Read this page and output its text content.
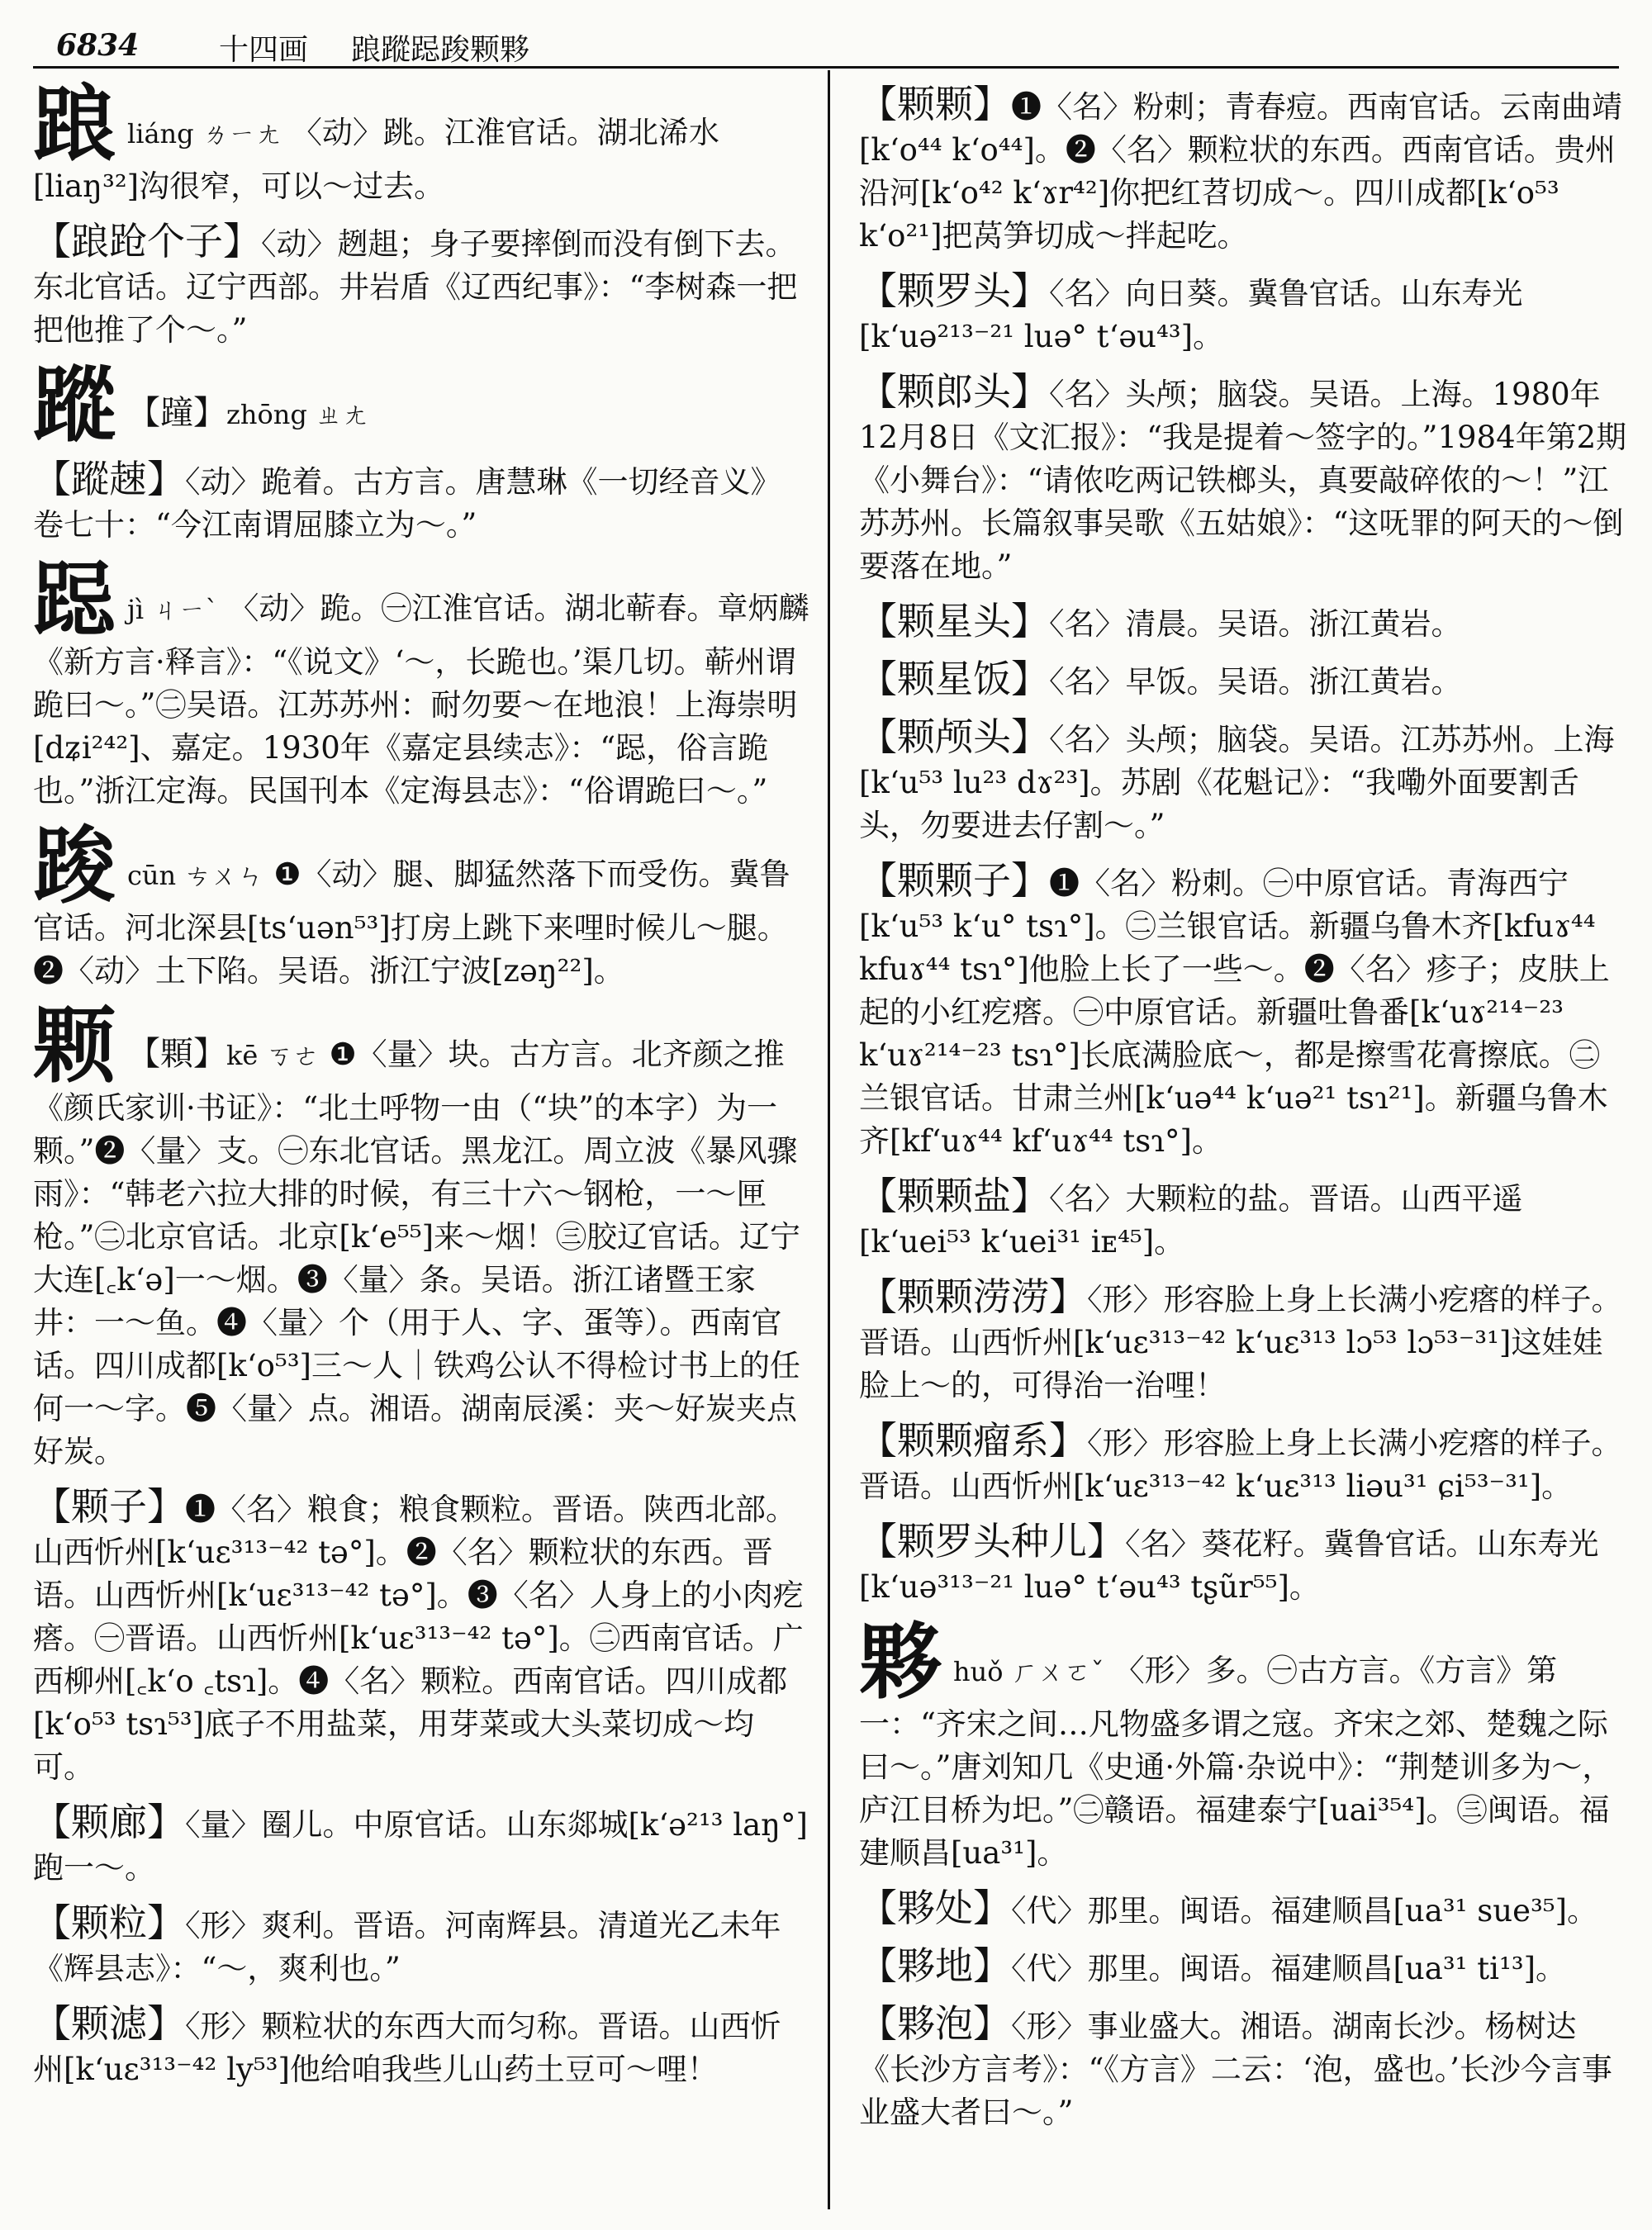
6834	十四画 踉蹤跽踆颗夥
踉liáng ㄌㄧㄤ 〈动〉跳。江淮官话。湖北浠水[liaŋ³²]沟很窄，可以～过去。
【踉跄个子】〈动〉趔趄；身子要摔倒而没有倒下去。东北官话。辽宁西部。井岩盾《辽西纪事》：“李树森一把把他推了个～。”
蹤 【蹱】zhōng ㄓㄤ
【蹤趚】〈动〉跪着。古方言。唐慧琳《一切经音义》卷七十：“今江南谓屈膝立为～。”
跽jì ㄐㄧˋ 〈动〉跪。㊀江淮官话。湖北蕲春。章炳麟《新方言·释言》：“《说文》‘～，长跪也。’渠几切。蕲州谓跪曰～。”㊁吴语。江苏苏州：耐勿要～在地浪！上海崇明[dʑi²⁴²]、嘉定。1930年《嘉定县续志》：“跽，俗言跪也。”浙江定海。民国刊本《定海县志》：“俗谓跪曰～。”
踆cūn ㄘㄨㄣ ❶〈动〉腿、脚猛然落下而受伤。冀鲁官话。河北深县[tsʻuən⁵³]打房上跳下来哩时候儿～腿。❷〈动〉土下陷。吴语。浙江宁波[zəŋ²²]。
颗 【顆】kē ㄎㄜ ❶〈量〉块。古方言。北齐颜之推《颜氏家训·书证》：“北土呼物一由（“块”的本字）为一颗。”❷〈量〉支。㊀东北官话。黑龙江。周立波《暴风骤雨》：“韩老六拉大排的时候，有三十六～钢枪，一～匣枪。”㊁北京官话。北京[kʻe⁵⁵]来～烟！㊂胶辽官话。辽宁大连[꜀kʻə]一～烟。❸〈量〉条。吴语。浙江诸暨王家井：一～鱼。❹〈量〉个（用于人、字、蛋等）。西南官话。四川成都[kʻo⁵³]三～人｜铁鸡公认不得检讨书上的任何一～字。❺〈量〉点。湘语。湖南辰溪：夹～好炭夹点好炭。
【颗子】❶〈名〉粮食；粮食颗粒。晋语。陕西北部。山西忻州[kʻuɛ³¹³⁻⁴² tə°]。❷〈名〉颗粒状的东西。晋语。山西忻州[kʻuɛ³¹³⁻⁴² tə°]。❸〈名〉人身上的小肉疙瘩。㊀晋语。山西忻州[kʻuɛ³¹³⁻⁴² tə°]。㊁西南官话。广西柳州[꜀kʻo ꜀tsɿ]。❹〈名〉颗粒。西南官话。四川成都[kʻo⁵³ tsɿ⁵³]底子不用盐菜，用芽菜或大头菜切成～均可。
【颗廊】〈量〉圈儿。中原官话。山东郯城[kʻə²¹³ laŋ°]跑一～。
【颗粒】〈形〉爽利。晋语。河南辉县。清道光乙未年《辉县志》：“～，爽利也。”
【颗滤】〈形〉颗粒状的东西大而匀称。晋语。山西忻州[kʻuɛ³¹³⁻⁴² ly⁵³]他给咱我些儿山药土豆可～哩！
【颗颗】❶〈名〉粉刺；青春痘。西南官话。云南曲靖[kʻo⁴⁴ kʻo⁴⁴]。❷〈名〉颗粒状的东西。西南官话。贵州沿河[kʻo⁴² kʻɤr⁴²]你把红苕切成～。四川成都[kʻo⁵³ kʻo²¹]把莴笋切成～拌起吃。
【颗罗头】〈名〉向日葵。冀鲁官话。山东寿光[kʻuə²¹³⁻²¹ luə° tʻəu⁴³]。
【颗郎头】〈名〉头颅；脑袋。吴语。上海。1980年12月8日《文汇报》：“我是提着～签字的。”1984年第2期《小舞台》：“请侬吃两记铁榔头，真要敲碎侬的～！”江苏苏州。长篇叙事吴歌《五姑娘》：“这呒罪的阿天的～倒要落在地。”
【颗星头】〈名〉清晨。吴语。浙江黄岩。
【颗星饭】〈名〉早饭。吴语。浙江黄岩。
【颗颅头】〈名〉头颅；脑袋。吴语。江苏苏州。上海[kʻu⁵³ lu²³ dɤ²³]。苏剧《花魁记》：“我嘞外面要割舌头，勿要进去仔割～。”
【颗颗子】❶〈名〉粉刺。㊀中原官话。青海西宁[kʻu⁵³ kʻu° tsɿ°]。㊁兰银官话。新疆乌鲁木齐[kfuɤ⁴⁴ kfuɤ⁴⁴ tsɿ°]他脸上长了一些～。❷〈名〉疹子；皮肤上起的小红疙瘩。㊀中原官话。新疆吐鲁番[kʻuɤ²¹⁴⁻²³ kʻuɤ²¹⁴⁻²³ tsɿ°]长底满脸底～，都是擦雪花膏擦底。㊁兰银官话。甘肃兰州[kʻuə⁴⁴ kʻuə²¹ tsɿ²¹]。新疆乌鲁木齐[kfʻuɤ⁴⁴ kfʻuɤ⁴⁴ tsɿ°]。
【颗颗盐】〈名〉大颗粒的盐。晋语。山西平遥[kʻuei⁵³ kʻuei³¹ iᴇ⁴⁵]。
【颗颗涝涝】〈形〉形容脸上身上长满小疙瘩的样子。晋语。山西忻州[kʻuɛ³¹³⁻⁴² kʻuɛ³¹³ lɔ⁵³ lɔ⁵³⁻³¹]这娃娃脸上～的，可得治一治哩！
【颗颗瘤系】〈形〉形容脸上身上长满小疙瘩的样子。晋语。山西忻州[kʻuɛ³¹³⁻⁴² kʻuɛ³¹³ liəu³¹ ɕi⁵³⁻³¹]。
【颗罗头种儿】〈名〉葵花籽。冀鲁官话。山东寿光[kʻuə³¹³⁻²¹ luə° tʻəu⁴³ tʂũr⁵⁵]。
夥huǒ ㄏㄨㄛˇ 〈形〉多。㊀古方言。《方言》第一：“齐宋之间…凡物盛多谓之寇。齐宋之郊、楚魏之际曰～。”唐刘知几《史通·外篇·杂说中》：“荆楚训多为～，庐江目桥为圯。”㊁赣语。福建泰宁[uai³⁵⁴]。㊂闽语。福建顺昌[ua³¹]。
【夥处】〈代〉那里。闽语。福建顺昌[ua³¹ sue³⁵]。
【夥地】〈代〉那里。闽语。福建顺昌[ua³¹ ti¹³]。
【夥泡】〈形〉事业盛大。湘语。湖南长沙。杨树达《长沙方言考》：“《方言》二云：‘泡，盛也。’长沙今言事业盛大者曰～。”
